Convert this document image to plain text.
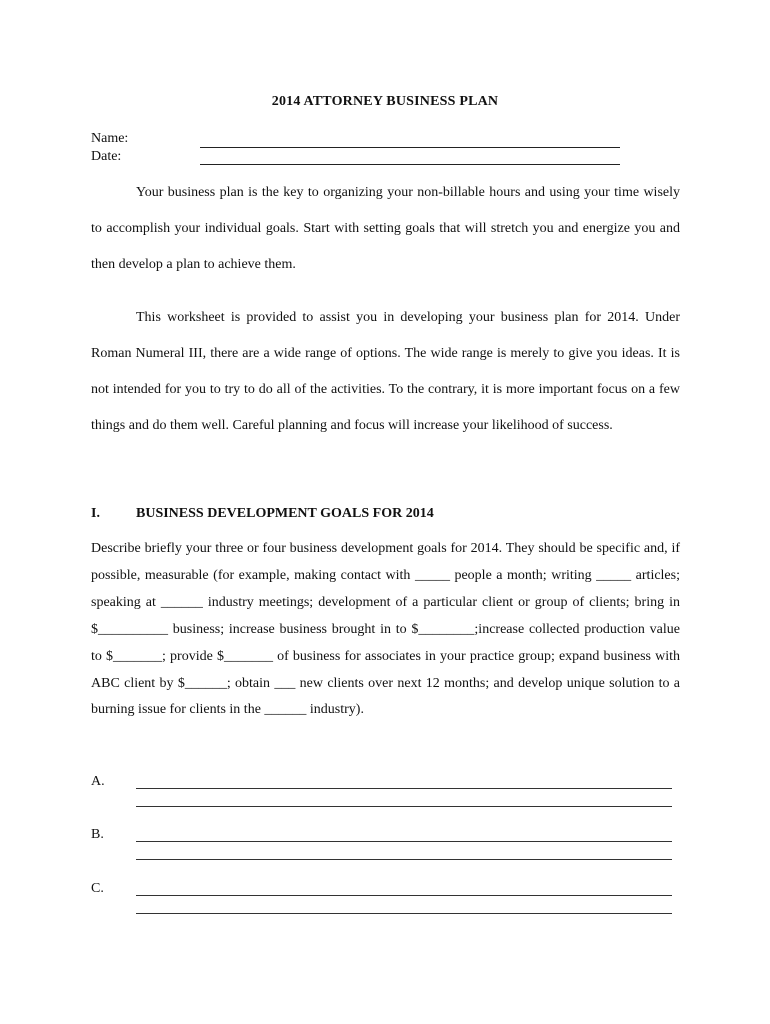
2014 ATTORNEY BUSINESS PLAN
Name:
Date:

Your business plan is the key to organizing your non-billable hours and using your time wisely to accomplish your individual goals. Start with setting goals that will stretch you and energize you and then develop a plan to achieve them.

This worksheet is provided to assist you in developing your business plan for 2014. Under Roman Numeral III, there are a wide range of options. The wide range is merely to give you ideas. It is not intended for you to try to do all of the activities. To the contrary, it is more important focus on a few things and do them well. Careful planning and focus will increase your likelihood of success.

I.	BUSINESS DEVELOPMENT GOALS FOR 2014
Describe briefly your three or four business development goals for 2014. They should be specific and, if possible, measurable (for example, making contact with _____ people a month; writing _____ articles; speaking at ______ industry meetings; development of a particular client or group of clients; bring in $__________ business; increase business brought in to $________;increase collected production value to $_______; provide $_______ of business for associates in your practice group; expand business with ABC client by $______; obtain ___ new clients over next 12 months; and develop unique solution to a burning issue for clients in the ______ industry).
A.
B.
C.
